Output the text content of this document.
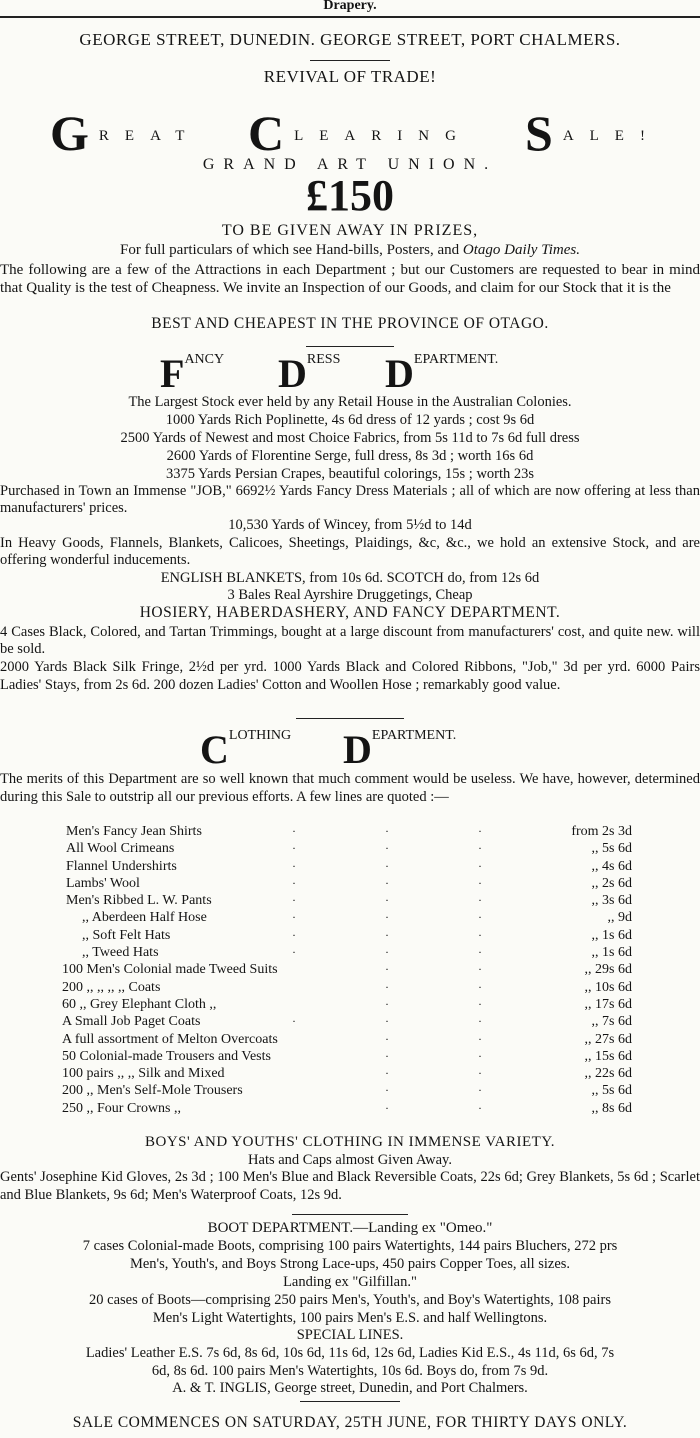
Drapery.
GEORGE STREET, DUNEDIN. GEORGE STREET, PORT CHALMERS.
REVIVAL OF TRADE!
GREAT CLEARING SALE!
GRAND ART UNION.
£150
TO BE GIVEN AWAY IN PRIZES,
For full particulars of which see Hand-bills, Posters, and Otago Daily Times.
The following are a few of the Attractions in each Department ; but our Customers are requested to bear in mind that Quality is the test of Cheapness. We invite an Inspection of our Goods, and claim for our Stock that it is the
BEST AND CHEAPEST IN THE PROVINCE OF OTAGO.
FANCY DRESS DEPARTMENT.
The Largest Stock ever held by any Retail House in the Australian Colonies.
1000 Yards Rich Poplinette, 4s 6d dress of 12 yards ; cost 9s 6d
2500 Yards of Newest and most Choice Fabrics, from 5s 11d to 7s 6d full dress
2600 Yards of Florentine Serge, full dress, 8s 3d ; worth 16s 6d
3375 Yards Persian Crapes, beautiful colorings, 15s ; worth 23s
Purchased in Town an Immense "JOB," 6692½ Yards Fancy Dress Materials ; all of which are now offering at less than manufacturers' prices.
10,530 Yards of Wincey, from 5½d to 14d
In Heavy Goods, Flannels, Blankets, Calicoes, Sheetings, Plaidings, &c, &c., we hold an extensive Stock, and are offering wonderful inducements.
ENGLISH BLANKETS, from 10s 6d. SCOTCH do, from 12s 6d
3 Bales Real Ayrshire Druggetings, Cheap
HOSIERY, HABERDASHERY, AND FANCY DEPARTMENT.
4 Cases Black, Colored, and Tartan Trimmings, bought at a large discount from manufacturers' cost, and quite new. will be sold.
2000 Yards Black Silk Fringe, 2½d per yrd. 1000 Yards Black and Colored Ribbons, "Job," 3d per yrd. 6000 Pairs Ladies' Stays, from 2s 6d. 200 dozen Ladies' Cotton and Woollen Hose ; remarkably good value.
CLOTHING DEPARTMENT.
The merits of this Department are so well known that much comment would be useless. We have, however, determined during this Sale to outstrip all our previous efforts. A few lines are quoted :—
Men's Fancy Jean Shirts	·	·	·	from 2s 3d
All Wool Crimeans	·	·	·	,, 5s 6d
Flannel Undershirts	·	·	·	,, 4s 6d
Lambs' Wool	·	·	·	,, 2s 6d
Men's Ribbed L. W. Pants	·	·	·	,, 3s 6d
,, Aberdeen Half Hose	·	·	·	,, 9d
,, Soft Felt Hats	·	·	·	,, 1s 6d
,, Tweed Hats	·	·	·	,, 1s 6d
100 Men's Colonial made Tweed Suits	·	·	,, 29s 6d
200 ,, ,, ,, ,, Coats	·	·	,, 10s 6d
60 ,, Grey Elephant Cloth ,,	·	·	,, 17s 6d
A Small Job Paget Coats	·	·	·	,, 7s 6d
A full assortment of Melton Overcoats	·	·	,, 27s 6d
50 Colonial-made Trousers and Vests	·	·	,, 15s 6d
100 pairs ,, ,, Silk and Mixed	·	·	,, 22s 6d
200 ,, Men's Self-Mole Trousers	·	·	,, 5s 6d
250 ,, Four Crowns ,,	·	·	,, 8s 6d
BOYS' AND YOUTHS' CLOTHING IN IMMENSE VARIETY.
Hats and Caps almost Given Away.
Gents' Josephine Kid Gloves, 2s 3d ; 100 Men's Blue and Black Reversible Coats, 22s 6d; Grey Blankets, 5s 6d ; Scarlet and Blue Blankets, 9s 6d; Men's Waterproof Coats, 12s 9d.
BOOT DEPARTMENT.—Landing ex "Omeo."
7 cases Colonial-made Boots, comprising 100 pairs Watertights, 144 pairs Bluchers, 272 prs
Men's, Youth's, and Boys Strong Lace-ups, 450 pairs Copper Toes, all sizes.
Landing ex "Gilfillan."
20 cases of Boots—comprising 250 pairs Men's, Youth's, and Boy's Watertights, 108 pairs
Men's Light Watertights, 100 pairs Men's E.S. and half Wellingtons.
SPECIAL LINES.
Ladies' Leather E.S. 7s 6d, 8s 6d, 10s 6d, 11s 6d, 12s 6d, Ladies Kid E.S., 4s 11d, 6s 6d, 7s
6d, 8s 6d. 100 pairs Men's Watertights, 10s 6d. Boys do, from 7s 9d.
A. & T. INGLIS, George street, Dunedin, and Port Chalmers.
SALE COMMENCES ON SATURDAY, 25TH JUNE, FOR THIRTY DAYS ONLY.
